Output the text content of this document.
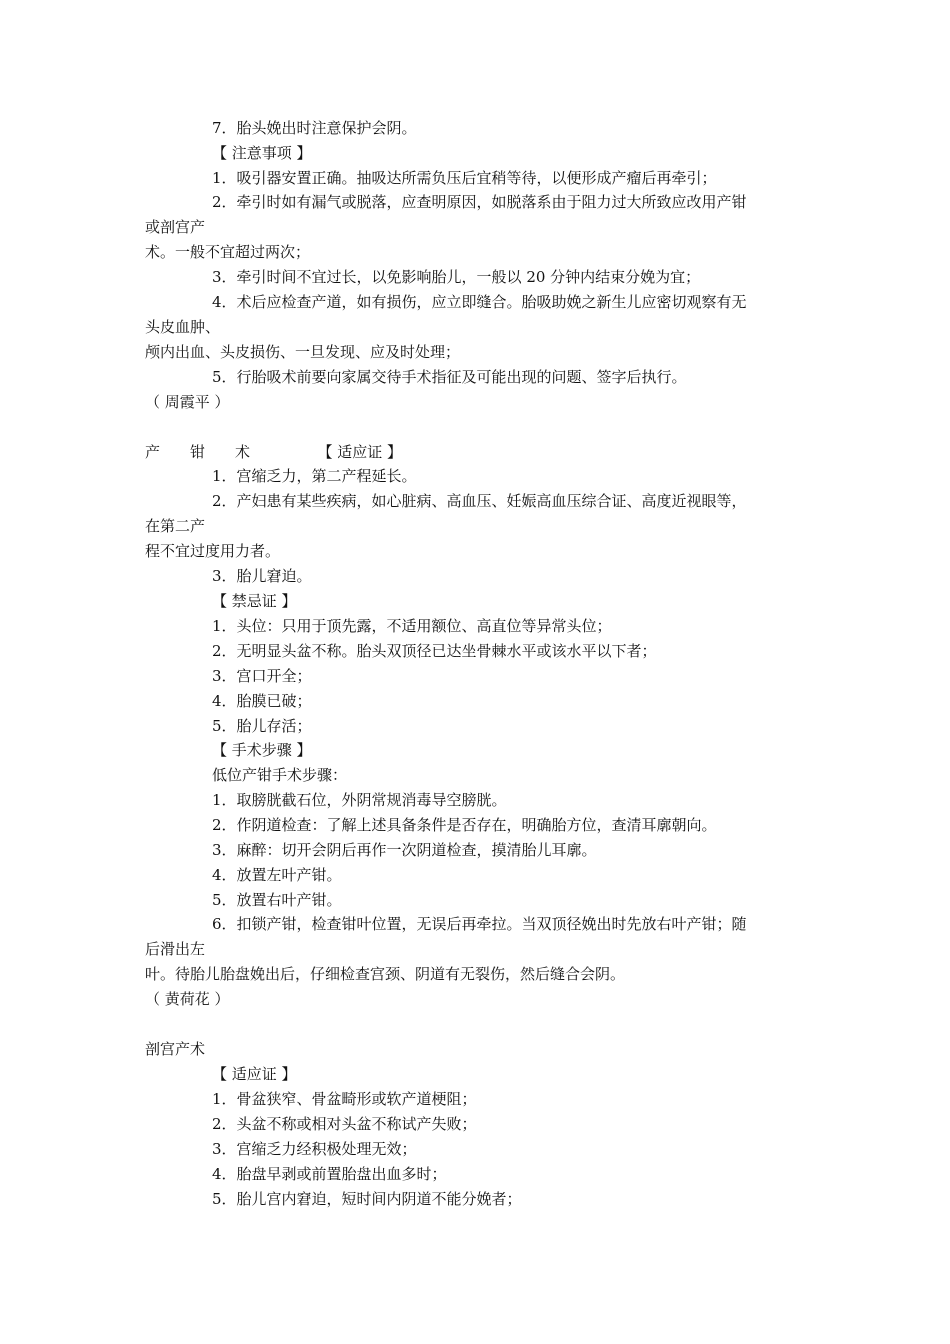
7．胎头娩出时注意保护会阴。
【 注意事项 】
1．吸引器安置正确。抽吸达所需负压后宜稍等待，以便形成产瘤后再牵引；
2．牵引时如有漏气或脱落，应查明原因，如脱落系由于阻力过大所致应改用产钳
或剖宫产
术。一般不宜超过两次；
3．牵引时间不宜过长，以免影响胎儿，一般以 20 分钟内结束分娩为宜；
4．术后应检查产道，如有损伤，应立即缝合。胎吸助娩之新生儿应密切观察有无
头皮血肿、
颅内出血、头皮损伤、一旦发现、应及时处理；
5．行胎吸术前要向家属交待手术指征及可能出现的问题、签字后执行。
（ 周霞平 ）
产　　钳　　术　　　　　【 适应证 】
1．宫缩乏力，第二产程延长。
2．产妇患有某些疾病，如心脏病、高血压、妊娠高血压综合证、高度近视眼等，
在第二产
程不宜过度用力者。
3．胎儿窘迫。
【 禁忌证 】
1．头位：只用于顶先露，不适用额位、高直位等异常头位；
2．无明显头盆不称。胎头双顶径已达坐骨棘水平或该水平以下者；
3．宫口开全；
4．胎膜已破；
5．胎儿存活；
【 手术步骤 】
低位产钳手术步骤：
1．取膀胱截石位，外阴常规消毒导空膀胱。
2．作阴道检查：了解上述具备条件是否存在，明确胎方位，查清耳廓朝向。
3．麻醉：切开会阴后再作一次阴道检查，摸清胎儿耳廓。
4．放置左叶产钳。
5．放置右叶产钳。
6．扣锁产钳，检查钳叶位置，无误后再牵拉。当双顶径娩出时先放右叶产钳；随
后滑出左
叶。待胎儿胎盘娩出后，仔细检查宫颈、阴道有无裂伤，然后缝合会阴。
（ 黄荷花 ）
剖宫产术
【 适应证 】
1．骨盆狭窄、骨盆畸形或软产道梗阻；
2．头盆不称或相对头盆不称试产失败；
3．宫缩乏力经积极处理无效；
4．胎盘早剥或前置胎盘出血多时；
5．胎儿宫内窘迫，短时间内阴道不能分娩者；
